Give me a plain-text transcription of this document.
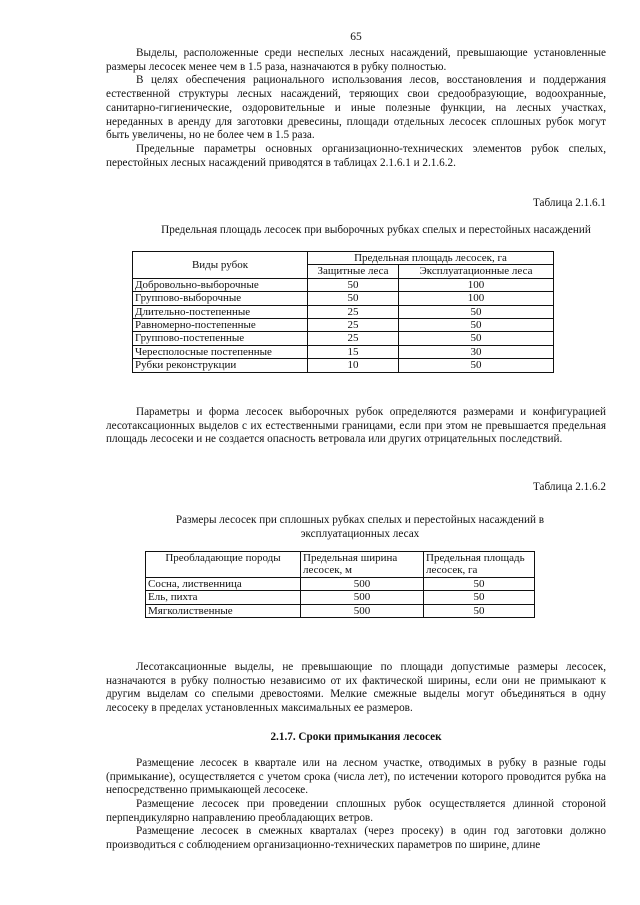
65

Выделы, расположенные среди неспелых лесных насаждений, превышающие установленные размеры лесосек менее чем в 1.5 раза, назначаются в рубку полностью.

В целях обеспечения рационального использования лесов, восстановления и поддержания естественной структуры лесных насаждений, теряющих свои средообразующие, водоохранные, санитарно-гигиенические, оздоровительные и иные полезные функции, на лесных участках, неpеданных в аренду для заготовки древесины, площади отдельных лесосек сплошных рубок могут быть увеличены, но не более чем в 1.5 раза.

Предельные параметры основных организационно-технических элементов рубок спелых, перестойных лесных насаждений приводятся в таблицах 2.1.6.1 и 2.1.6.2.

Таблица 2.1.6.1
Предельная площадь лесосек при выборочных рубках спелых и перестойных насаждений
Виды рубок	Предельная площадь лесосек, га	
	Защитные леса	Эксплуатационные леса
Добровольно-выборочные	50	100
Группово-выборочные	50	100
Длительно-постепенные	25	50
Равномерно-постепенные	25	50
Группово-постепенные	25	50
Чересполосные постепенные	15	30
Рубки реконструкции	10	50

Параметры и форма лесосек выборочных рубок определяются размерами и конфигурацией лесотаксационных выделов с их естественными границами, если при этом не превышается предельная площадь лесосеки и не создается опасность ветровала или других отрицательных последствий.

Таблица 2.1.6.2
Размеры лесосек при сплошных рубках спелых и перестойных насаждений в эксплуатационных лесах
Преобладающие породы	Предельная ширина лесосек, м	Предельная площадь лесосек, га
Сосна, лиственница	500	50
Ель, пихта	500	50
Мягколиственные	500	50

Лесотаксационные выделы, не превышающие по площади допустимые размеры лесосек, назначаются в рубку полностью независимо от их фактической ширины, если они не примыкают к другим выделам со спелыми древостоями. Мелкие смежные выделы могут объединяться в одну лесосеку в пределах установленных максимальных ее размеров.

2.1.7. Сроки примыкания лесосек

Размещение лесосек в квартале или на лесном участке, отводимых в рубку в разные годы (примыкание), осуществляется с учетом срока (числа лет), по истечении которого проводится рубка на непосредственно примыкающей лесосеке.

Размещение лесосек при проведении сплошных рубок осуществляется длинной стороной перпендикулярно направлению преобладающих ветров.

Размещение лесосек в смежных кварталах (через просеку) в один год заготовки должно производиться с соблюдением организационно-технических параметров по ширине, длине
